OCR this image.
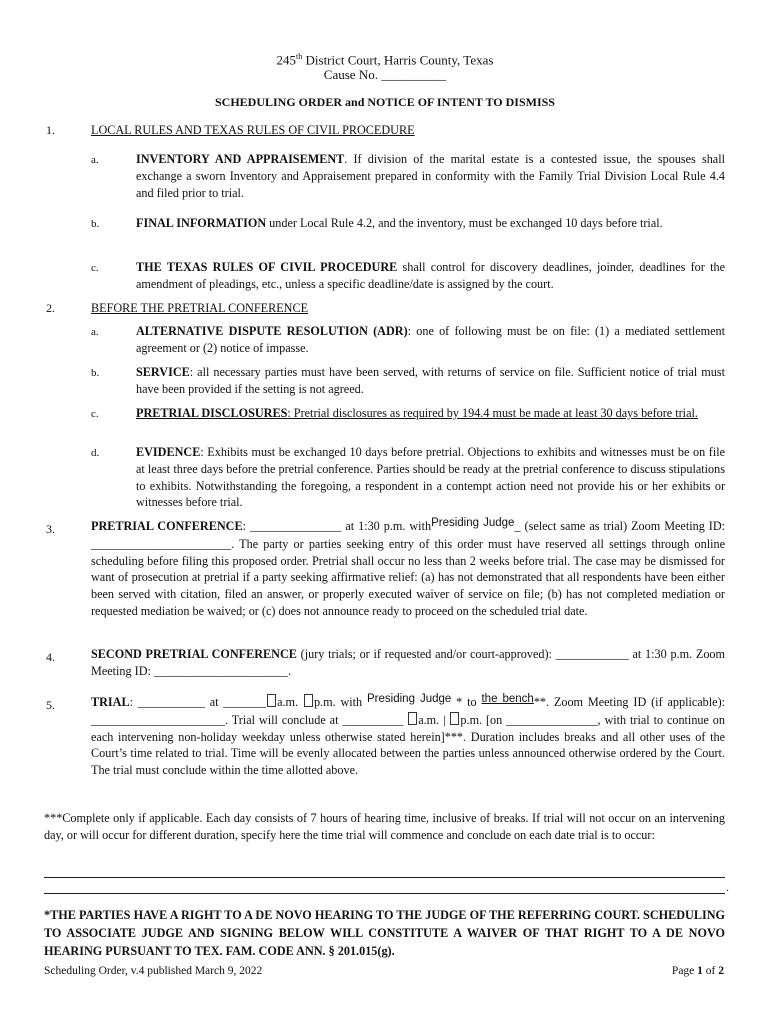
245th District Court, Harris County, Texas
Cause No. __________
SCHEDULING ORDER and NOTICE OF INTENT TO DISMISS
1.	LOCAL RULES AND TEXAS RULES OF CIVIL PROCEDURE
a.	INVENTORY AND APPRAISEMENT. If division of the marital estate is a contested issue, the spouses shall exchange a sworn Inventory and Appraisement prepared in conformity with the Family Trial Division Local Rule 4.4 and filed prior to trial.
b.	FINAL INFORMATION under Local Rule 4.2, and the inventory, must be exchanged 10 days before trial.
c.	THE TEXAS RULES OF CIVIL PROCEDURE shall control for discovery deadlines, joinder, deadlines for the amendment of pleadings, etc., unless a specific deadline/date is assigned by the court.
2.	BEFORE THE PRETRIAL CONFERENCE
a.	ALTERNATIVE DISPUTE RESOLUTION (ADR): one of following must be on file: (1) a mediated settlement agreement or (2) notice of impasse.
b.	SERVICE: all necessary parties must have been served, with returns of service on file. Sufficient notice of trial must have been provided if the setting is not agreed.
c.	PRETRIAL DISCLOSURES: Pretrial disclosures as required by 194.4 must be made at least 30 days before trial.
d.	EVIDENCE: Exhibits must be exchanged 10 days before pretrial. Objections to exhibits and witnesses must be on file at least three days before the pretrial conference. Parties should be ready at the pretrial conference to discuss stipulations to exhibits. Notwithstanding the foregoing, a respondent in a contempt action need not provide his or her exhibits or witnesses before trial.
3.	PRETRIAL CONFERENCE: _______________ at 1:30 p.m. withPresiding Judge_ (select same as trial) Zoom Meeting ID: _______________________. The party or parties seeking entry of this order must have reserved all settings through online scheduling before filing this proposed order. Pretrial shall occur no less than 2 weeks before trial. The case may be dismissed for want of prosecution at pretrial if a party seeking affirmative relief: (a) has not demonstrated that all respondents have been either been served with citation, filed an answer, or properly executed waiver of service on file; (b) has not completed mediation or requested mediation be waived; or (c) does not announce ready to proceed on the scheduled trial date.
4.	SECOND PRETRIAL CONFERENCE (jury trials; or if requested and/or court-approved): ____________ at 1:30 p.m. Zoom Meeting ID: ______________________.
5.	TRIAL: ___________ at _______ a.m. p.m. with Presiding Judge * to the bench**. Zoom Meeting ID (if applicable): ______________________. Trial will conclude at __________ a.m. | p.m. [on _______________, with trial to continue on each intervening non-holiday weekday unless otherwise stated herein]***. Duration includes breaks and all other uses of the Court’s time related to trial. Time will be evenly allocated between the parties unless announced otherwise ordered by the Court. The trial must conclude within the time allotted above.
***Complete only if applicable. Each day consists of 7 hours of hearing time, inclusive of breaks. If trial will not occur on an intervening day, or will occur for different duration, specify here the time trial will commence and conclude on each date trial is to occur:
.
*THE PARTIES HAVE A RIGHT TO A DE NOVO HEARING TO THE JUDGE OF THE REFERRING COURT. SCHEDULING TO ASSOCIATE JUDGE AND SIGNING BELOW WILL CONSTITUTE A WAIVER OF THAT RIGHT TO A DE NOVO HEARING PURSUANT TO TEX. FAM. CODE ANN. § 201.015(g).
Scheduling Order, v.4 published March 9, 2022	Page 1 of 2
